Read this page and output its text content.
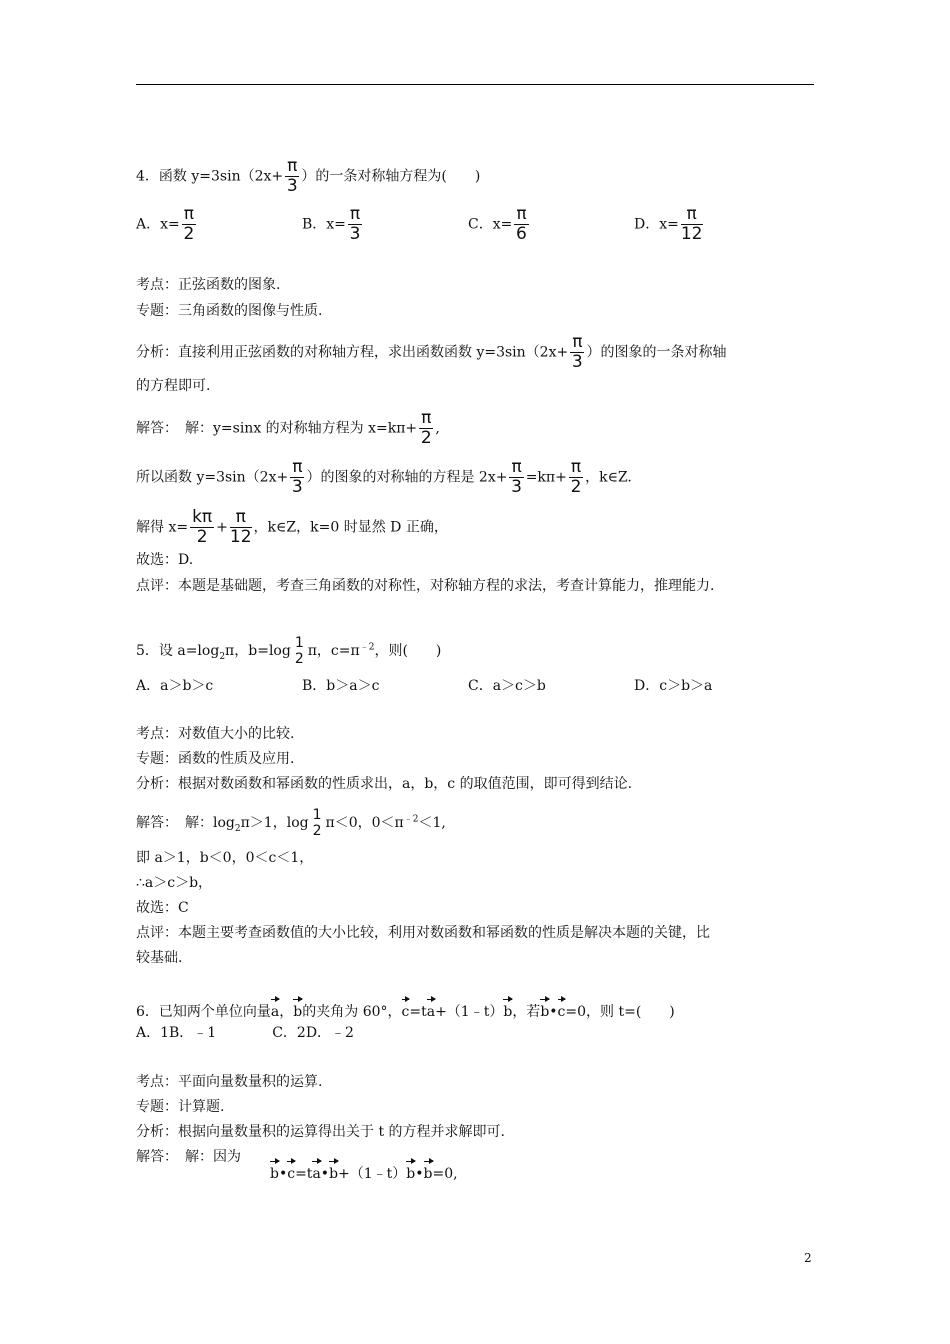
4．函数 $y=3\sin(2x+ \frac{\pi}{3}$ ）的一条对称轴方程为(　　)
A．$x= \frac{\pi}{2}$	B．$x= \frac{\pi}{3}$	C．$x= \frac{\pi}{6}$	D．$x= \frac{\pi}{12}$
考点：正弦函数的图象.
专题：三角函数的图像与性质.
分析：直接利用正弦函数的对称轴方程，求出函数函数 $y=3\sin(2x+ \frac{\pi}{3}$ ）的图象的一条对称轴
的方程即可.
解答：　解：y=sinx 的对称轴方程为 $x=k\pi+ \frac{\pi}{2}$ ,
所以函数 $y=3\sin(2x+ \frac{\pi}{3}$ ）的图象的对称轴的方程是 $2x+ \frac{\pi}{3} =k\pi+ \frac{\pi}{2}$ ，k∈Z.
解得 $x= \frac{k\pi}{2} + \frac{\pi}{12}$ ，k∈Z，k=0 时显然 D 正确，
故选：D.
点评：本题是基础题，考查三角函数的对称性，对称轴方程的求法，考查计算能力，推理能力.
5．设 $a=\log_2\pi$，b=log 1
2 π，$c=\pi^{﹣2}$，则(　　)
A．a＞b＞c	B．b＞a＞c	C．a＞c＞b	D．c＞b＞a
考点：对数值大小的比较.
专题：函数的性质及应用.
分析：根据对数函数和幂函数的性质求出，a，b，c 的取值范围，即可得到结论.
解答：　解：$\log_2\pi>1$，log 1
2 π＜0，$0<\pi^{﹣2}<1$,
即 a＞1，b＜0，0＜c＜1，
∴a＞c＞b，
故选：C
点评：本题主要考查函数值的大小比较，利用对数函数和幂函数的性质是解决本题的关键，比
较基础.
6．已知两个单位向量a，b的夹角为 60°，c=ta+（1﹣t）b，若b•c=0，则 t=(　　)
A．1B．﹣1　　　　C．2D．﹣2
考点：平面向量数量积的运算.
专题：计算题.
分析：根据向量数量积的运算得出关于 t 的方程并求解即可.
解答：　解：因为
b•c=ta•b+（1﹣t）b•b=0,
2
